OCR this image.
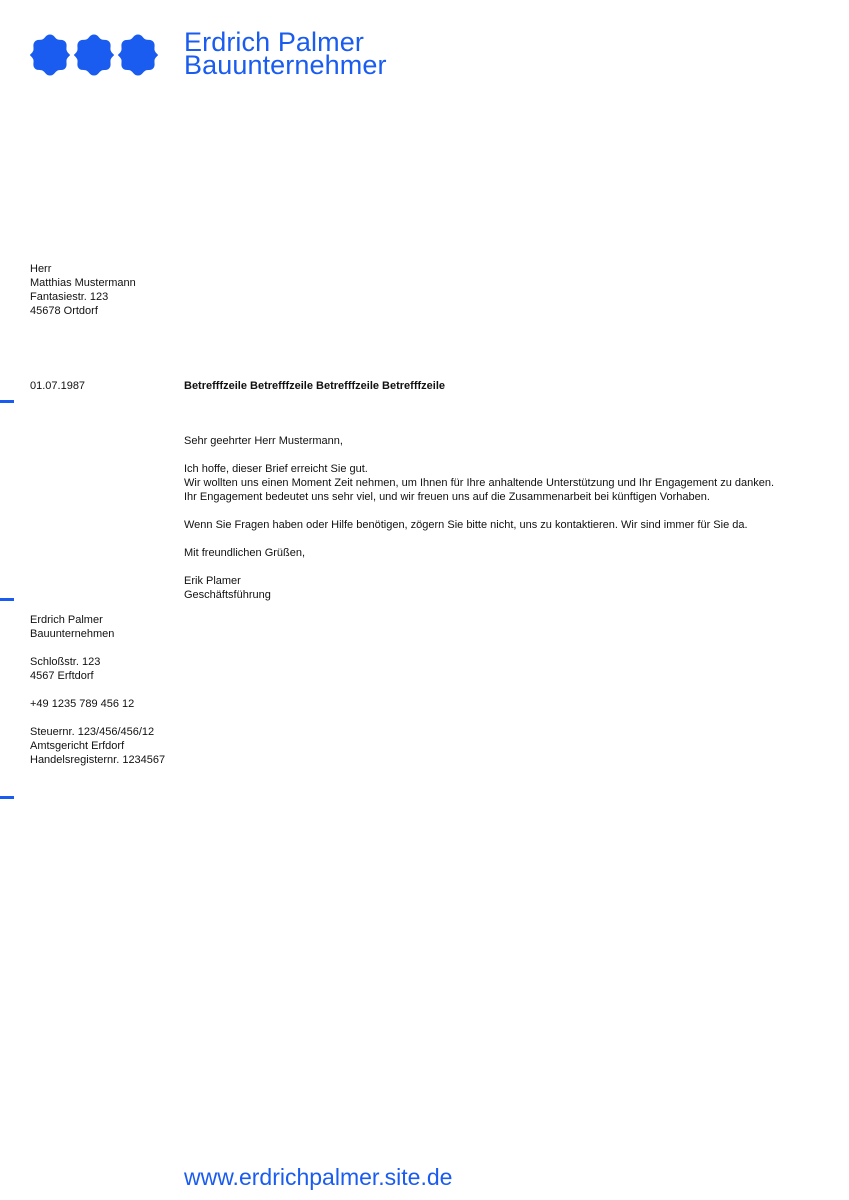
Erdrich Palmer
Bauunternehmer
Herr
Matthias Mustermann
Fantasiestr. 123
45678 Ortdorf
01.07.1987	Betrefffzeile Betrefffzeile Betrefffzeile Betrefffzeile
Sehr geehrter Herr Mustermann,
Ich hoffe, dieser Brief erreicht Sie gut.
Wir wollten uns einen Moment Zeit nehmen, um Ihnen für Ihre anhaltende Unterstützung und Ihr Engagement zu danken.
Ihr Engagement bedeutet uns sehr viel, und wir freuen uns auf die Zusammenarbeit bei künftigen Vorhaben.
Wenn Sie Fragen haben oder Hilfe benötigen, zögern Sie bitte nicht, uns zu kontaktieren. Wir sind immer für Sie da.
Mit freundlichen Grüßen,
Erik Plamer
Geschäftsführung
Erdrich Palmer
Bauunternehmen
Schloßstr. 123
4567 Erftdorf
+49 1235 789 456 12
Steuernr. 123/456/456/12
Amtsgericht Erfdorf
Handelsregisternr. 1234567
www.erdrichpalmer.site.de
